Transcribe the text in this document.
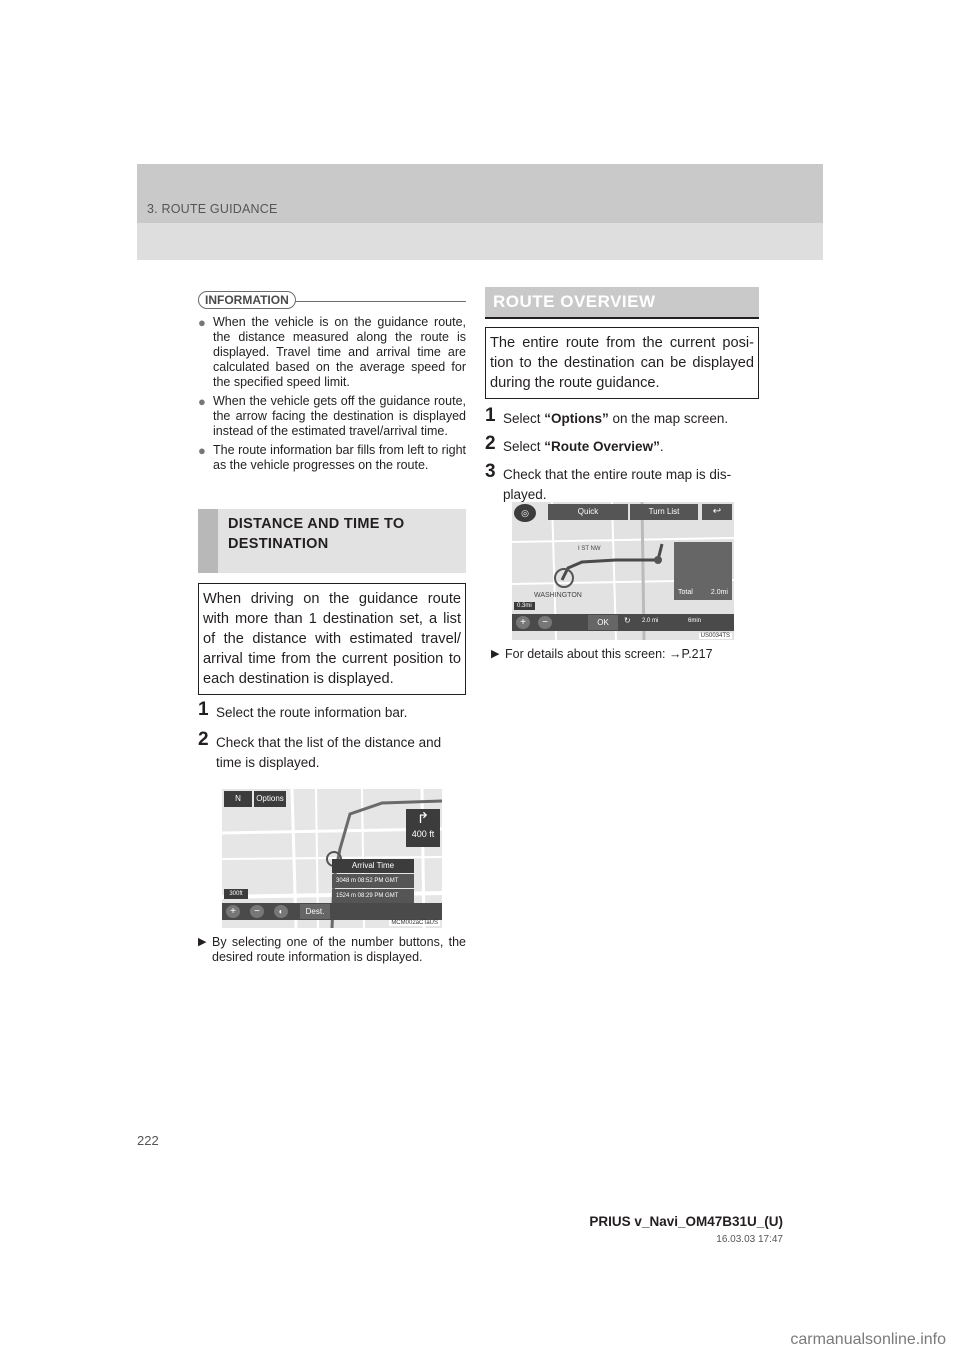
3. ROUTE GUIDANCE
INFORMATION
● When the vehicle is on the guidance route, the distance measured along the route is displayed. Travel time and arrival time are calculated based on the average speed for the specified speed limit.
● When the vehicle gets off the guidance route, the arrow facing the destination is displayed instead of the estimated travel/arrival time.
● The route information bar fills from left to right as the vehicle progresses on the route.
DISTANCE AND TIME TO
DESTINATION
When driving on the guidance route with more than 1 destination set, a list of the distance with estimated travel/ arrival time from the current position to each destination is displayed.
1 Select the route information bar.
2 Check that the list of the distance and time is displayed.
N	Options
↱
400 ft
Arrival Time
3048 m 08:52 PM GMT
1524 m 08:29 PM GMT
300ft
+	−	◐	Dest.
MCM002aCTaUS
▶ By selecting one of the number buttons, the desired route information is displayed.
ROUTE OVERVIEW
The entire route from the current posi- tion to the destination can be displayed during the route guidance.
1 Select “Options” on the map screen.
2 Select “Route Overview”.
3 Check that the entire route map is dis- played.
◎	Quick	Turn List	↩
Total	2.0mi
I ST NW
WASHINGTON
0.3mi
+	−	OK	↻ 2.0 mi	6min
US0034TS
▶ For details about this screen: →P.217
222
PRIUS v_Navi_OM47B31U_(U)
16.03.03 17:47
carmanualsonline.info
